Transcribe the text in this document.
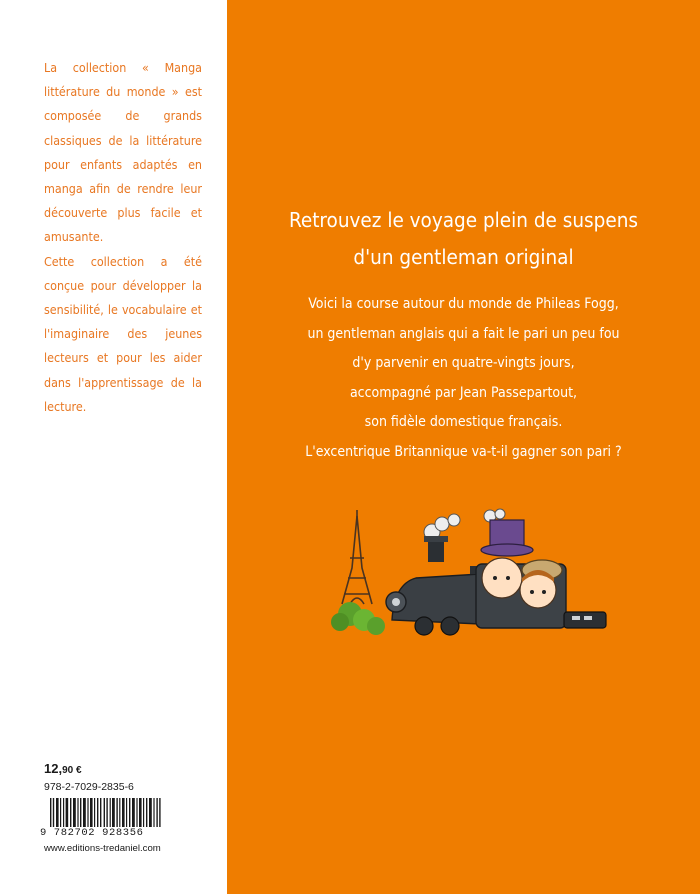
La collection « Manga littérature du monde » est composée de grands classiques de la littérature pour enfants adaptés en manga afin de rendre leur découverte plus facile et amusante.

Cette collection a été conçue pour développer la sensibilité, le vocabulaire et l'imaginaire des jeunes lecteurs et pour les aider dans l'apprentissage de la lecture.

12,90 €
978-2-7029-2835-6
9 782702 928356
www.editions-tredaniel.com
Retrouvez le voyage plein de suspens
d'un gentleman original
Voici la course autour du monde de Phileas Fogg,
un gentleman anglais qui a fait le pari un peu fou
d'y parvenir en quatre-vingts jours,
accompagné par Jean Passepartout,
son fidèle domestique français.
L'excentrique Britannique va-t-il gagner son pari ?
